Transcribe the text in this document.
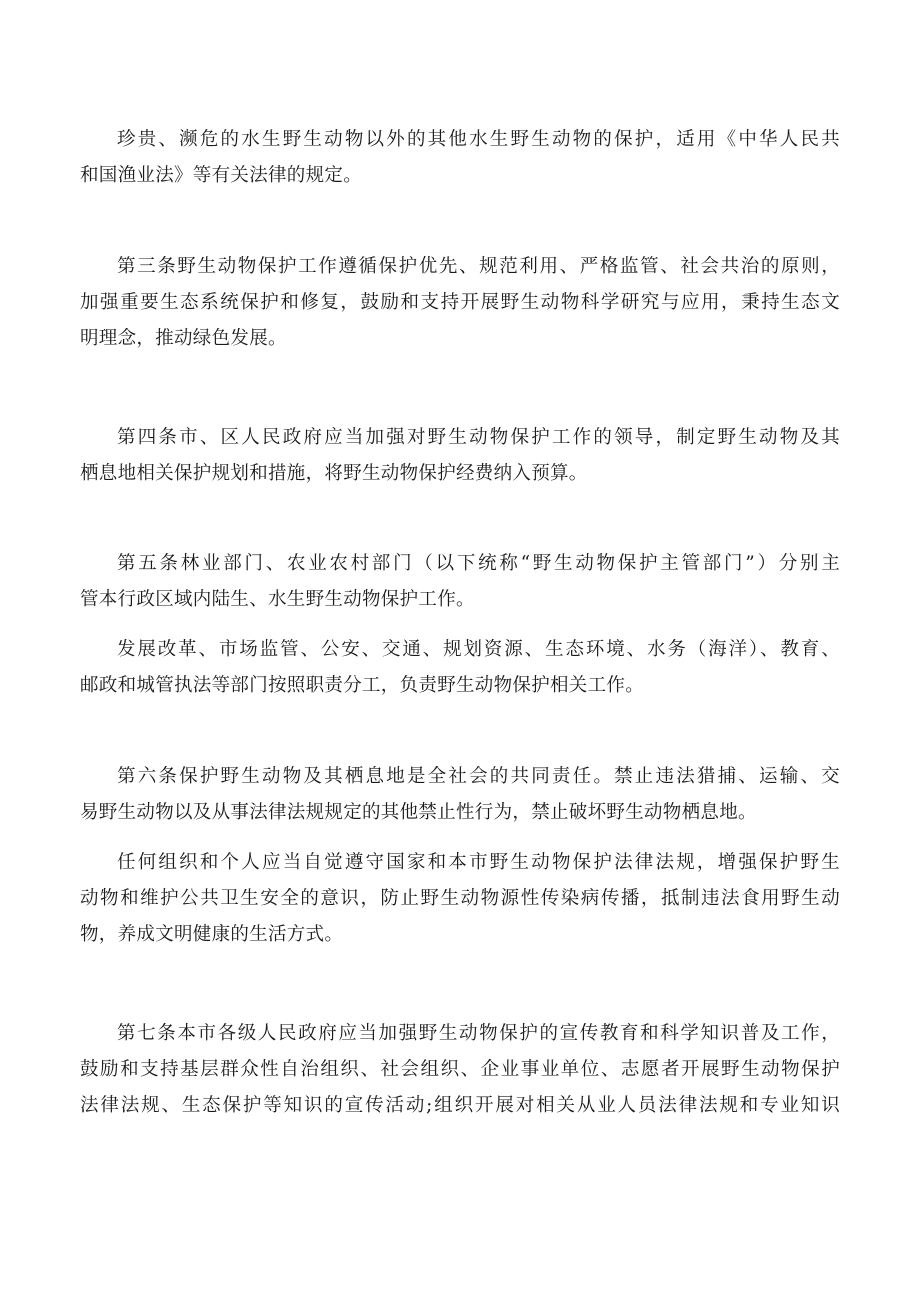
珍贵、濒危的水生野生动物以外的其他水生野生动物的保护，适用《中华人民共
和国渔业法》等有关法律的规定。

第三条野生动物保护工作遵循保护优先、规范利用、严格监管、社会共治的原则，
加强重要生态系统保护和修复，鼓励和支持开展野生动物科学研究与应用，秉持生态文
明理念，推动绿色发展。

第四条市、区人民政府应当加强对野生动物保护工作的领导，制定野生动物及其
栖息地相关保护规划和措施，将野生动物保护经费纳入预算。

第五条林业部门、农业农村部门（以下统称“野生动物保护主管部门”）分别主
管本行政区域内陆生、水生野生动物保护工作。

发展改革、市场监管、公安、交通、规划资源、生态环境、水务（海洋）、教育、
邮政和城管执法等部门按照职责分工，负责野生动物保护相关工作。

第六条保护野生动物及其栖息地是全社会的共同责任。禁止违法猎捕、运输、交
易野生动物以及从事法律法规规定的其他禁止性行为，禁止破坏野生动物栖息地。

任何组织和个人应当自觉遵守国家和本市野生动物保护法律法规，增强保护野生
动物和维护公共卫生安全的意识，防止野生动物源性传染病传播，抵制违法食用野生动
物，养成文明健康的生活方式。

第七条本市各级人民政府应当加强野生动物保护的宣传教育和科学知识普及工作，
鼓励和支持基层群众性自治组织、社会组织、企业事业单位、志愿者开展野生动物保护
法律法规、生态保护等知识的宣传活动;组织开展对相关从业人员法律法规和专业知识
